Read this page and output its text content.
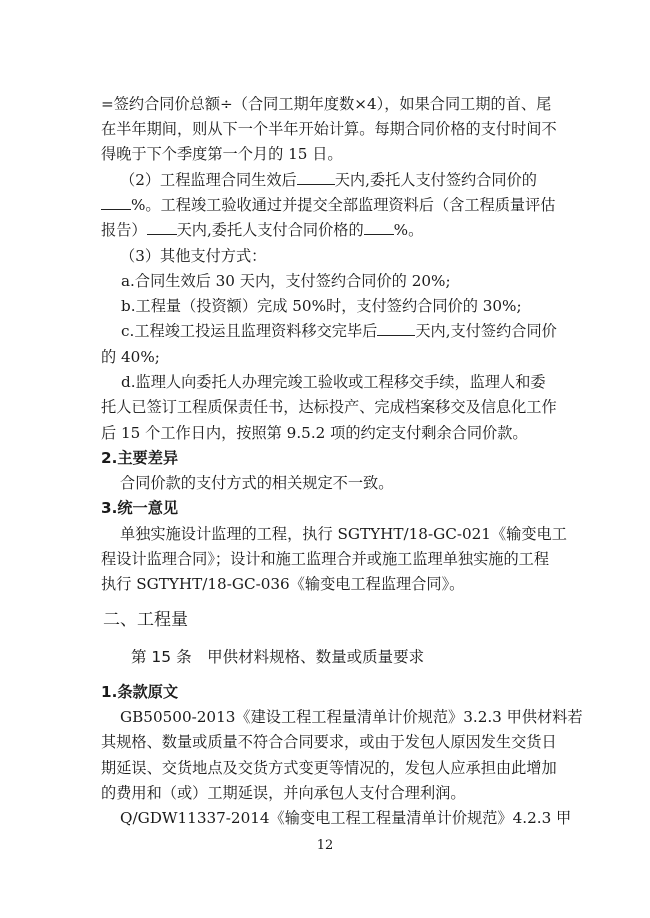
=签约合同价总额÷（合同工期年度数×4），如果合同工期的首、尾
在半年期间，则从下一个半年开始计算。每期合同价格的支付时间不
得晚于下个季度第一个月的 15 日。
（2）工程监理合同生效后	天内,委托人支付签约合同价的
%。工程竣工验收通过并提交全部监理资料后（含工程质量评估
报告） 天内,委托人支付合同价格的 %。
（3）其他支付方式：
a.合同生效后 30 天内，支付签约合同价的 20%;
b.工程量（投资额）完成 50%时，支付签约合同价的 30%;
c.工程竣工投运且监理资料移交完毕后	天内,支付签约合同价
的 40%;
d.监理人向委托人办理完竣工验收或工程移交手续，监理人和委
托人已签订工程质保责任书，达标投产、完成档案移交及信息化工作
后 15 个工作日内，按照第 9.5.2 项的约定支付剩余合同价款。
2.主要差异
合同价款的支付方式的相关规定不一致。
3.统一意见
单独实施设计监理的工程，执行 SGTYHT/18-GC-021《输变电工
程设计监理合同》；设计和施工监理合并或施工监理单独实施的工程
执行 SGTYHT/18-GC-036《输变电工程监理合同》。
二、工程量
第 15 条　甲供材料规格、数量或质量要求
1.条款原文
GB50500-2013《建设工程工程量清单计价规范》3.2.3 甲供材料若
其规格、数量或质量不符合合同要求，或由于发包人原因发生交货日
期延误、交货地点及交货方式变更等情况的，发包人应承担由此增加
的费用和（或）工期延误，并向承包人支付合理利润。
Q/GDW11337-2014《输变电工程工程量清单计价规范》4.2.3 甲
12
